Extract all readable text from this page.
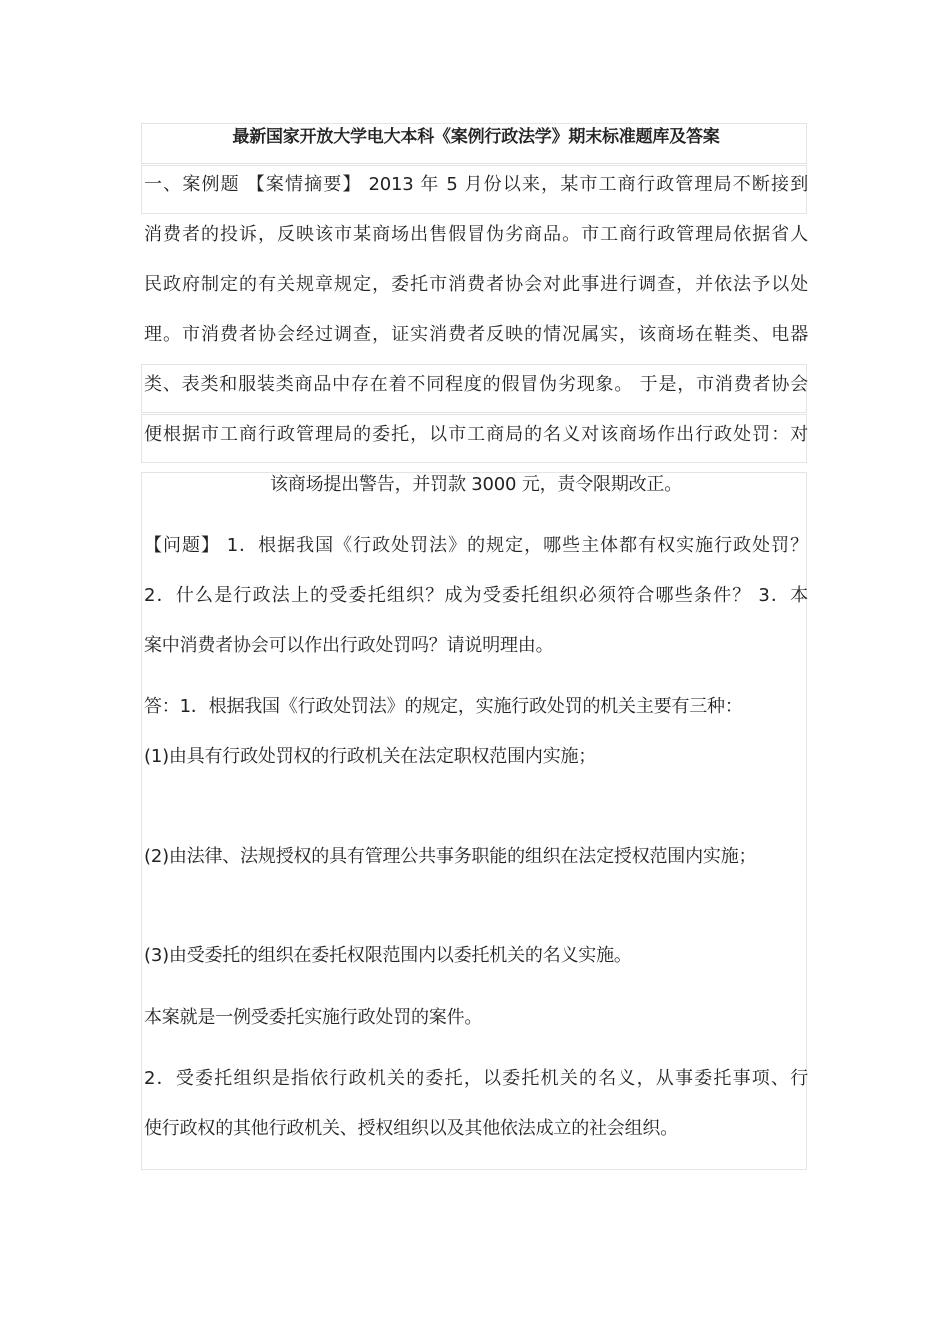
最新国家开放大学电大本科《案例行政法学》期末标准题库及答案
一、案例题 【案情摘要】 2013 年 5 月份以来，某市工商行政管理局不断接到
消费者的投诉，反映该市某商场出售假冒伪劣商品。市工商行政管理局依据省人
民政府制定的有关规章规定，委托市消费者协会对此事进行调查，并依法予以处
理。市消费者协会经过调查，证实消费者反映的情况属实，该商场在鞋类、电器
类、表类和服装类商品中存在着不同程度的假冒伪劣现象。 于是，市消费者协会
便根据市工商行政管理局的委托，以市工商局的名义对该商场作出行政处罚：对
该商场提出警告，并罚款 3000 元，责令限期改正。
【问题】 1．根据我国《行政处罚法》的规定，哪些主体都有权实施行政处罚？
2．什么是行政法上的受委托组织？成为受委托组织必须符合哪些条件？ 3．本
案中消费者协会可以作出行政处罚吗？请说明理由。
答：1．根据我国《行政处罚法》的规定，实施行政处罚的机关主要有三种：
(1)由具有行政处罚权的行政机关在法定职权范围内实施；
(2)由法律、法规授权的具有管理公共事务职能的组织在法定授权范围内实施；
(3)由受委托的组织在委托权限范围内以委托机关的名义实施。
本案就是一例受委托实施行政处罚的案件。
2．受委托组织是指依行政机关的委托，以委托机关的名义，从事委托事项、行
使行政权的其他行政机关、授权组织以及其他依法成立的社会组织。
